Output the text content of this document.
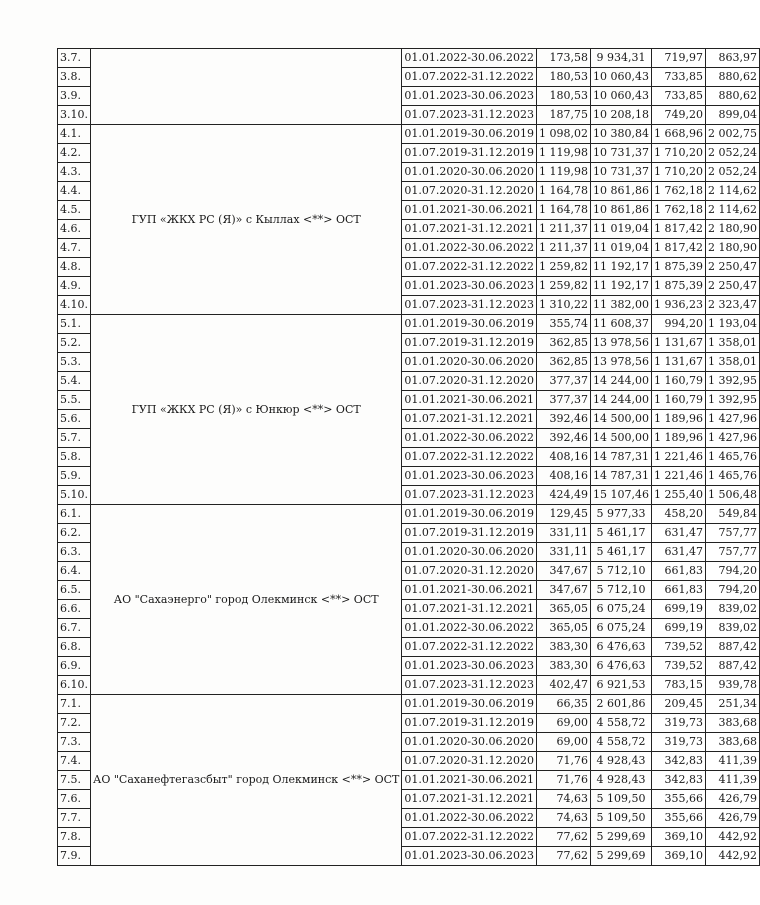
3.7.		01.01.2022-30.06.2022	173,58	9 934,31	719,97	863,97
3.8.		01.07.2022-31.12.2022	180,53	10 060,43	733,85	880,62
3.9.		01.01.2023-30.06.2023	180,53	10 060,43	733,85	880,62
3.10.		01.07.2023-31.12.2023	187,75	10 208,18	749,20	899,04
4.1.	ГУП «ЖКХ РС (Я)» с Кыллах <**> ОСТ	01.01.2019-30.06.2019	1 098,02	10 380,84	1 668,96	2 002,75
4.2.		01.07.2019-31.12.2019	1 119,98	10 731,37	1 710,20	2 052,24
4.3.		01.01.2020-30.06.2020	1 119,98	10 731,37	1 710,20	2 052,24
4.4.		01.07.2020-31.12.2020	1 164,78	10 861,86	1 762,18	2 114,62
4.5.		01.01.2021-30.06.2021	1 164,78	10 861,86	1 762,18	2 114,62
4.6.		01.07.2021-31.12.2021	1 211,37	11 019,04	1 817,42	2 180,90
4.7.		01.01.2022-30.06.2022	1 211,37	11 019,04	1 817,42	2 180,90
4.8.		01.07.2022-31.12.2022	1 259,82	11 192,17	1 875,39	2 250,47
4.9.		01.01.2023-30.06.2023	1 259,82	11 192,17	1 875,39	2 250,47
4.10.		01.07.2023-31.12.2023	1 310,22	11 382,00	1 936,23	2 323,47
5.1.	ГУП «ЖКХ РС (Я)» с Юнкюр <**> ОСТ	01.01.2019-30.06.2019	355,74	11 608,37	994,20	1 193,04
5.2.		01.07.2019-31.12.2019	362,85	13 978,56	1 131,67	1 358,01
5.3.		01.01.2020-30.06.2020	362,85	13 978,56	1 131,67	1 358,01
5.4.		01.07.2020-31.12.2020	377,37	14 244,00	1 160,79	1 392,95
5.5.		01.01.2021-30.06.2021	377,37	14 244,00	1 160,79	1 392,95
5.6.		01.07.2021-31.12.2021	392,46	14 500,00	1 189,96	1 427,96
5.7.		01.01.2022-30.06.2022	392,46	14 500,00	1 189,96	1 427,96
5.8.		01.07.2022-31.12.2022	408,16	14 787,31	1 221,46	1 465,76
5.9.		01.01.2023-30.06.2023	408,16	14 787,31	1 221,46	1 465,76
5.10.		01.07.2023-31.12.2023	424,49	15 107,46	1 255,40	1 506,48
6.1.	АО "Сахаэнерго" город Олекминск <**> ОСТ	01.01.2019-30.06.2019	129,45	5 977,33	458,20	549,84
6.2.		01.07.2019-31.12.2019	331,11	5 461,17	631,47	757,77
6.3.		01.01.2020-30.06.2020	331,11	5 461,17	631,47	757,77
6.4.		01.07.2020-31.12.2020	347,67	5 712,10	661,83	794,20
6.5.		01.01.2021-30.06.2021	347,67	5 712,10	661,83	794,20
6.6.		01.07.2021-31.12.2021	365,05	6 075,24	699,19	839,02
6.7.		01.01.2022-30.06.2022	365,05	6 075,24	699,19	839,02
6.8.		01.07.2022-31.12.2022	383,30	6 476,63	739,52	887,42
6.9.		01.01.2023-30.06.2023	383,30	6 476,63	739,52	887,42
6.10.		01.07.2023-31.12.2023	402,47	6 921,53	783,15	939,78
7.1.	АО "Саханефтегазсбыт" город Олекминск <**> ОСТ	01.01.2019-30.06.2019	66,35	2 601,86	209,45	251,34
7.2.		01.07.2019-31.12.2019	69,00	4 558,72	319,73	383,68
7.3.		01.01.2020-30.06.2020	69,00	4 558,72	319,73	383,68
7.4.		01.07.2020-31.12.2020	71,76	4 928,43	342,83	411,39
7.5.		01.01.2021-30.06.2021	71,76	4 928,43	342,83	411,39
7.6.		01.07.2021-31.12.2021	74,63	5 109,50	355,66	426,79
7.7.		01.01.2022-30.06.2022	74,63	5 109,50	355,66	426,79
7.8.		01.07.2022-31.12.2022	77,62	5 299,69	369,10	442,92
7.9.		01.01.2023-30.06.2023	77,62	5 299,69	369,10	442,92
